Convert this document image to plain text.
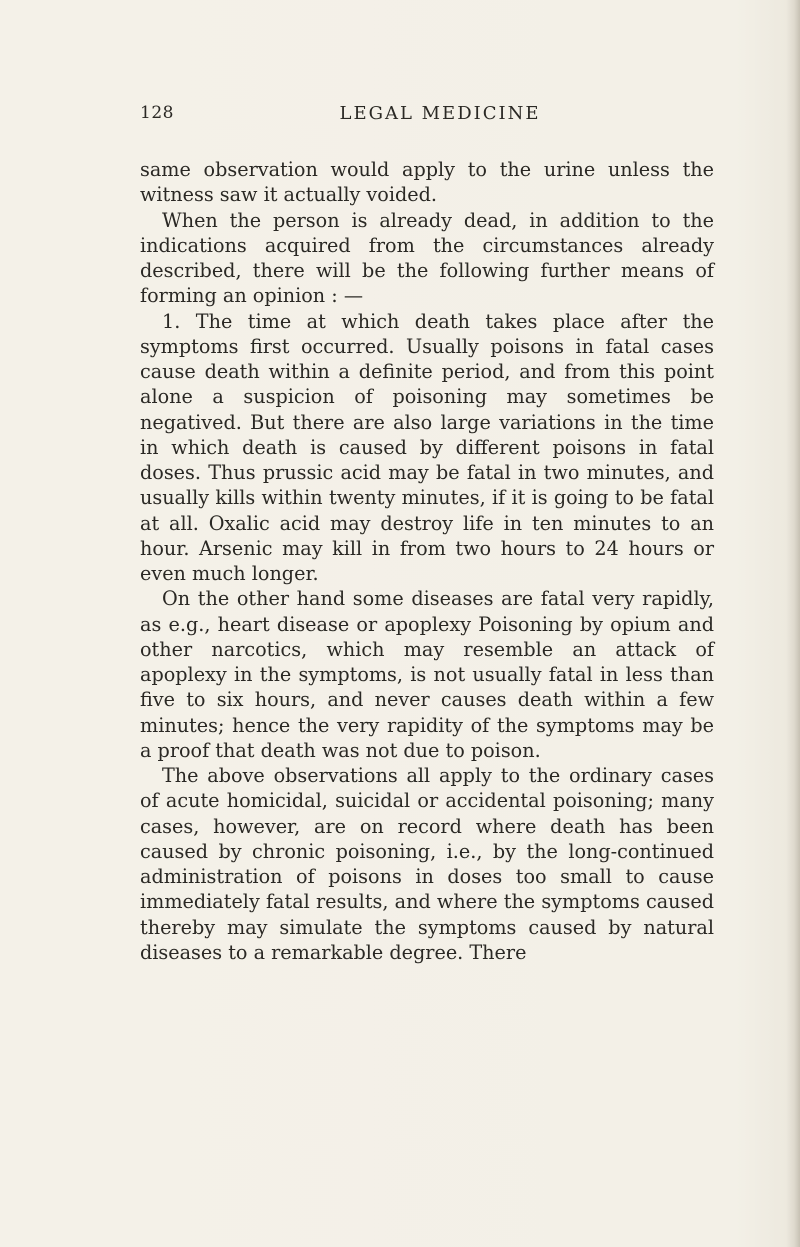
128	LEGAL MEDICINE

same observation would apply to the urine unless the witness saw it actually voided.

When the person is already dead, in addition to the indications acquired from the circumstances already described, there will be the following further means of forming an opinion : —

1. The time at which death takes place after the symptoms first occurred. Usually poisons in fatal cases cause death within a definite period, and from this point alone a suspicion of poisoning may sometimes be negatived. But there are also large variations in the time in which death is caused by different poisons in fatal doses. Thus prussic acid may be fatal in two minutes, and usually kills within twenty minutes, if it is going to be fatal at all. Oxalic acid may destroy life in ten minutes to an hour. Arsenic may kill in from two hours to 24 hours or even much longer.

On the other hand some diseases are fatal very rapidly, as e.g., heart disease or apoplexy Poisoning by opium and other narcotics, which may resemble an attack of apoplexy in the symptoms, is not usually fatal in less than five to six hours, and never causes death within a few minutes; hence the very rapidity of the symptoms may be a proof that death was not due to poison.

The above observations all apply to the ordinary cases of acute homicidal, suicidal or accidental poisoning; many cases, however, are on record where death has been caused by chronic poisoning, i.e., by the long-continued administration of poisons in doses too small to cause immediately fatal results, and where the symptoms caused thereby may simulate the symptoms caused by natural diseases to a remarkable degree. There
